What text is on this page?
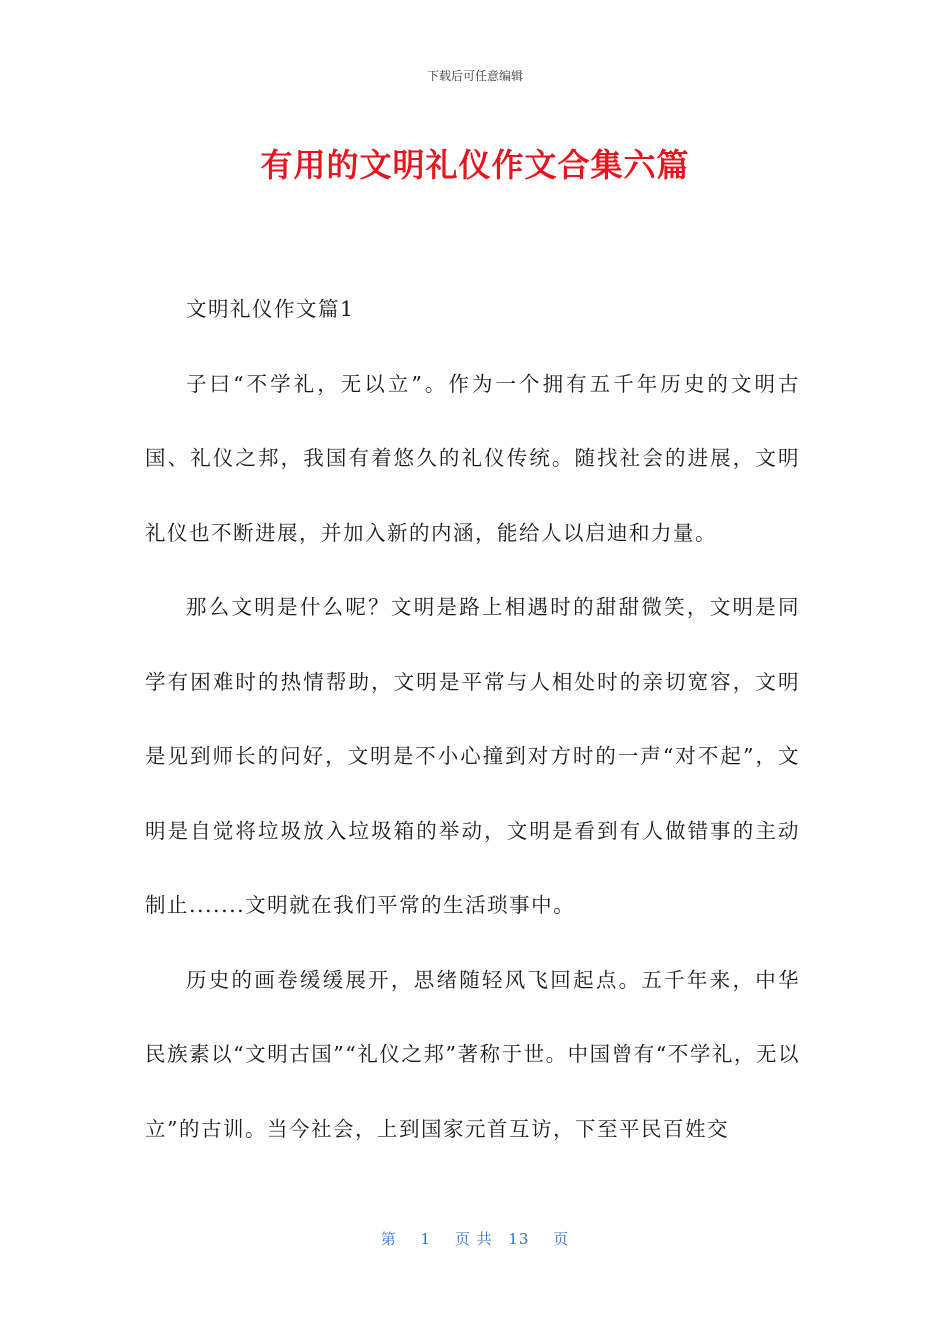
下载后可任意编辑
有用的文明礼仪作文合集六篇

文明礼仪作文篇1

子曰“不学礼，无以立”。作为一个拥有五千年历史的文明古国、礼仪之邦，我国有着悠久的礼仪传统。随找社会的进展，文明礼仪也不断进展，并加入新的内涵，能给人以启迪和力量。

那么文明是什么呢？文明是路上相遇时的甜甜微笑，文明是同学有困难时的热情帮助，文明是平常与人相处时的亲切宽容，文明是见到师长的问好，文明是不小心撞到对方时的一声“对不起”，文明是自觉将垃圾放入垃圾箱的举动，文明是看到有人做错事的主动制止.......文明就在我们平常的生活琐事中。

历史的画卷缓缓展开，思绪随轻风飞回起点。五千年来，中华民族素以“文明古国”“礼仪之邦”著称于世。中国曾有“不学礼，无以立”的古训。当今社会，上到国家元首互访，下至平民百姓交

第 1 页 共 13 页
